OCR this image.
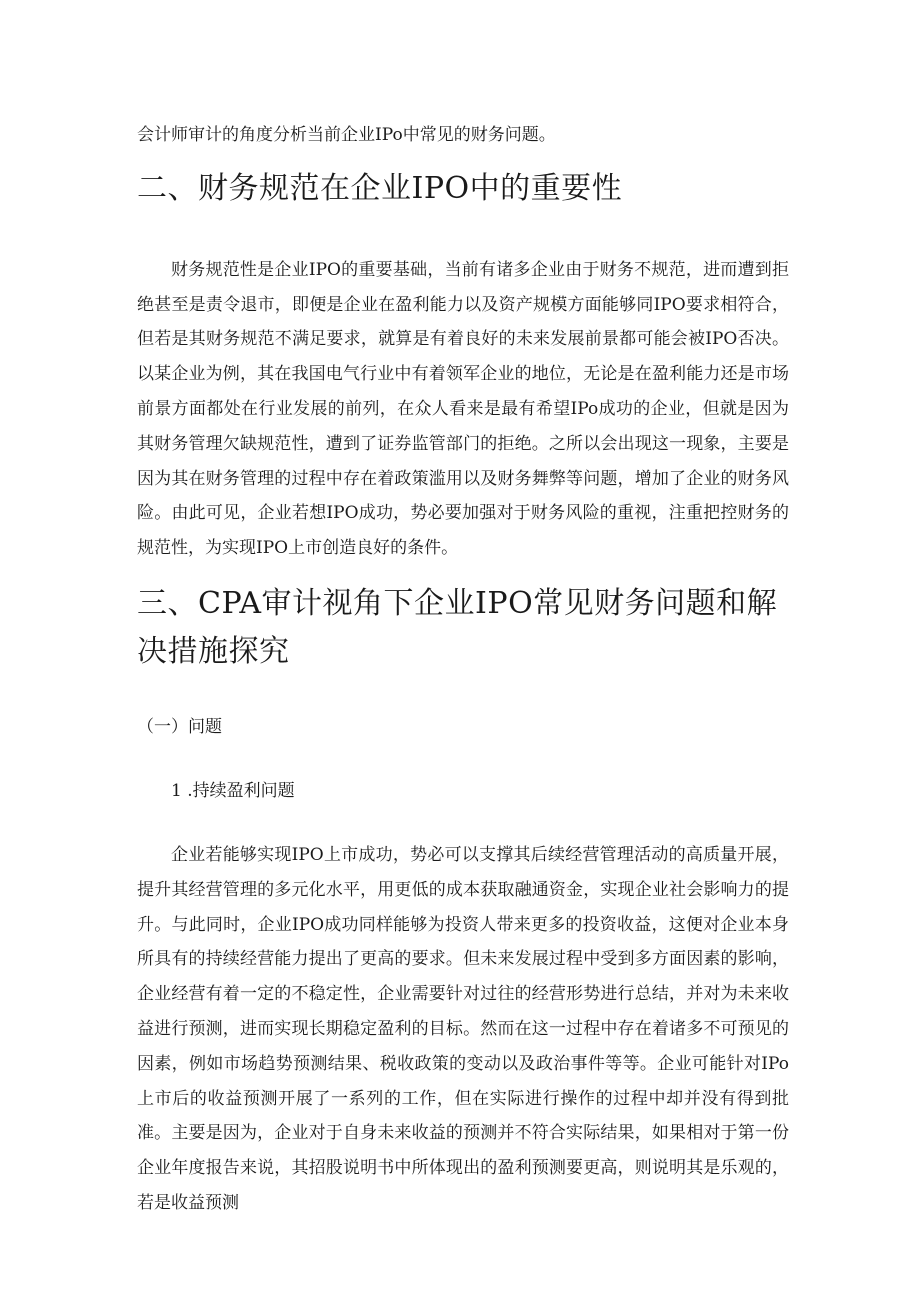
会计师审计的角度分析当前企业IPo中常见的财务问题。

二、财务规范在企业IPO中的重要性

财务规范性是企业IPO的重要基础，当前有诸多企业由于财务不规范，进而遭到拒绝甚至是责令退市，即便是企业在盈利能力以及资产规模方面能够同IPO要求相符合，但若是其财务规范不满足要求，就算是有着良好的未来发展前景都可能会被IPO否决。以某企业为例，其在我国电气行业中有着领军企业的地位，无论是在盈利能力还是市场前景方面都处在行业发展的前列，在众人看来是最有希望IPo成功的企业，但就是因为其财务管理欠缺规范性，遭到了证券监管部门的拒绝。之所以会出现这一现象，主要是因为其在财务管理的过程中存在着政策滥用以及财务舞弊等问题，增加了企业的财务风险。由此可见，企业若想IPO成功，势必要加强对于财务风险的重视，注重把控财务的规范性，为实现IPO上市创造良好的条件。

三、CPA审计视角下企业IPO常见财务问题和解决措施探究

（一）问题

1 .持续盈利问题

企业若能够实现IPO上市成功，势必可以支撑其后续经营管理活动的高质量开展，提升其经营管理的多元化水平，用更低的成本获取融通资金，实现企业社会影响力的提升。与此同时，企业IPO成功同样能够为投资人带来更多的投资收益，这便对企业本身所具有的持续经营能力提出了更高的要求。但未来发展过程中受到多方面因素的影响，企业经营有着一定的不稳定性，企业需要针对过往的经营形势进行总结，并对为未来收益进行预测，进而实现长期稳定盈利的目标。然而在这一过程中存在着诸多不可预见的因素，例如市场趋势预测结果、税收政策的变动以及政治事件等等。企业可能针对IPo上市后的收益预测开展了一系列的工作，但在实际进行操作的过程中却并没有得到批准。主要是因为，企业对于自身未来收益的预测并不符合实际结果，如果相对于第一份企业年度报告来说，其招股说明书中所体现出的盈利预测要更高，则说明其是乐观的，若是收益预测
